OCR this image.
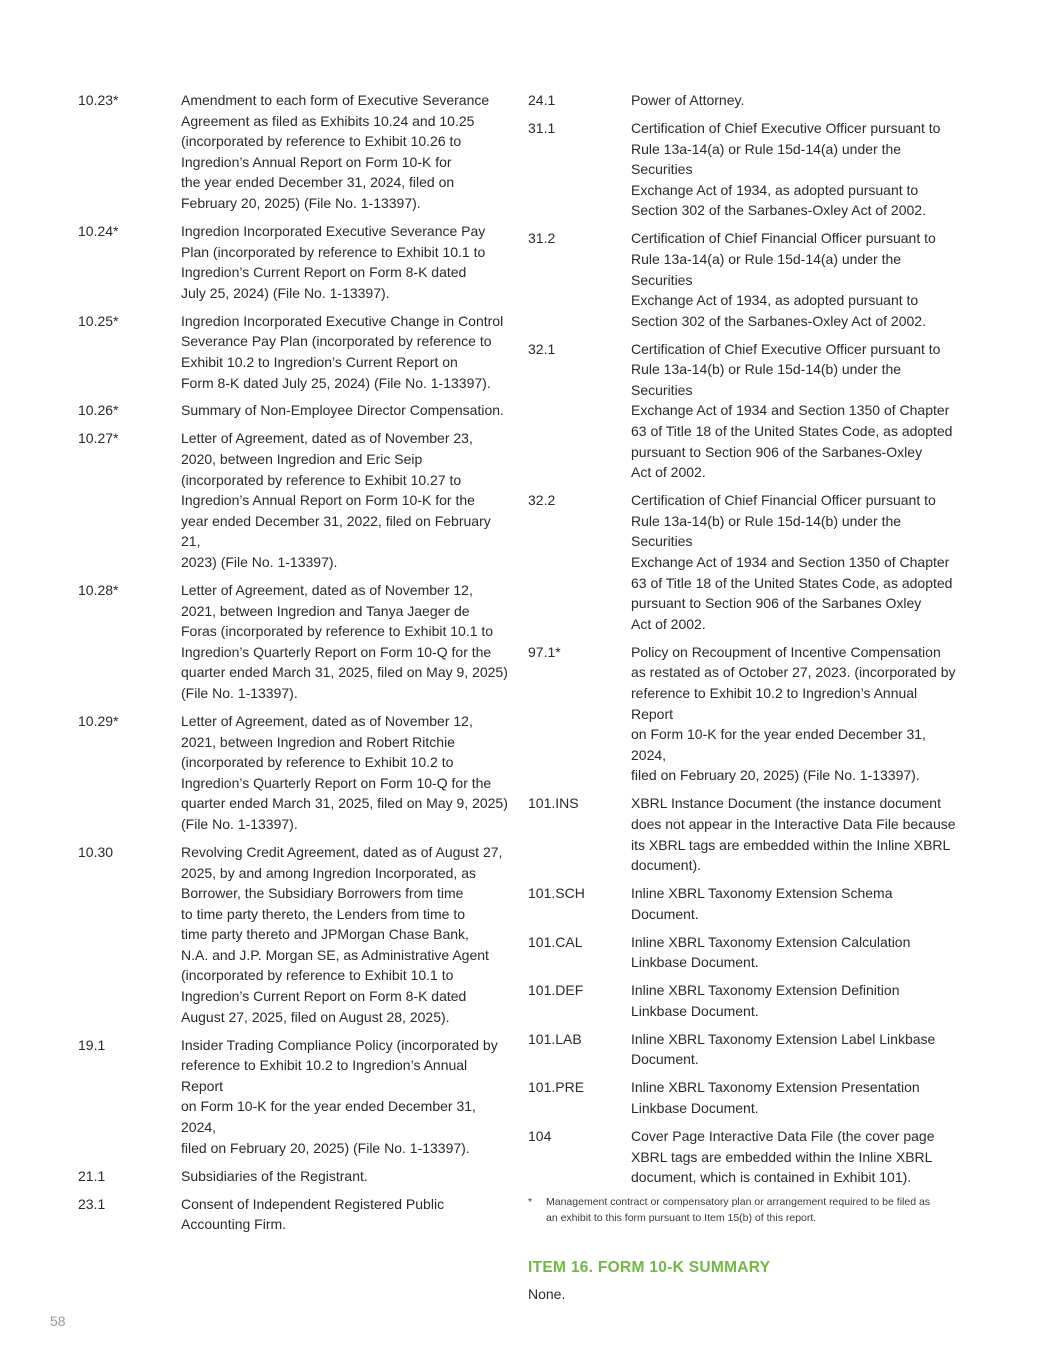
10.23*	Amendment to each form of Executive Severance
Agreement as filed as Exhibits 10.24 and 10.25
(incorporated by reference to Exhibit 10.26 to
Ingredion’s Annual Report on Form 10-K for
the year ended December 31, 2024, filed on
February 20, 2025) (File No. 1-13397).
10.24*	Ingredion Incorporated Executive Severance Pay
Plan (incorporated by reference to Exhibit 10.1 to
Ingredion’s Current Report on Form 8-K dated
July 25, 2024) (File No. 1-13397).
10.25*	Ingredion Incorporated Executive Change in Control
Severance Pay Plan (incorporated by reference to
Exhibit 10.2 to Ingredion’s Current Report on
Form 8-K dated July 25, 2024) (File No. 1-13397).
10.26*	Summary of Non-Employee Director Compensation.
10.27*	Letter of Agreement, dated as of November 23,
2020, between Ingredion and Eric Seip
(incorporated by reference to Exhibit 10.27 to
Ingredion’s Annual Report on Form 10-K for the
year ended December 31, 2022, filed on February 21,
2023) (File No. 1-13397).
10.28*	Letter of Agreement, dated as of November 12,
2021, between Ingredion and Tanya Jaeger de
Foras (incorporated by reference to Exhibit 10.1 to
Ingredion’s Quarterly Report on Form 10-Q for the
quarter ended March 31, 2025, filed on May 9, 2025)
(File No. 1-13397).
10.29*	Letter of Agreement, dated as of November 12,
2021, between Ingredion and Robert Ritchie
(incorporated by reference to Exhibit 10.2 to
Ingredion’s Quarterly Report on Form 10-Q for the
quarter ended March 31, 2025, filed on May 9, 2025)
(File No. 1-13397).
10.30	Revolving Credit Agreement, dated as of August 27,
2025, by and among Ingredion Incorporated, as
Borrower, the Subsidiary Borrowers from time
to time party thereto, the Lenders from time to
time party thereto and JPMorgan Chase Bank,
N.A. and J.P. Morgan SE, as Administrative Agent
(incorporated by reference to Exhibit 10.1 to
Ingredion’s Current Report on Form 8-K dated
August 27, 2025, filed on August 28, 2025).
19.1	Insider Trading Compliance Policy (incorporated by
reference to Exhibit 10.2 to Ingredion’s Annual Report
on Form 10-K for the year ended December 31, 2024,
filed on February 20, 2025) (File No. 1-13397).
21.1	Subsidiaries of the Registrant.
23.1	Consent of Independent Registered Public
Accounting Firm.
24.1	Power of Attorney.
31.1	Certification of Chief Executive Officer pursuant to
Rule 13a-14(a) or Rule 15d-14(a) under the Securities
Exchange Act of 1934, as adopted pursuant to
Section 302 of the Sarbanes-Oxley Act of 2002.
31.2	Certification of Chief Financial Officer pursuant to
Rule 13a-14(a) or Rule 15d-14(a) under the Securities
Exchange Act of 1934, as adopted pursuant to
Section 302 of the Sarbanes-Oxley Act of 2002.
32.1	Certification of Chief Executive Officer pursuant to
Rule 13a-14(b) or Rule 15d-14(b) under the Securities
Exchange Act of 1934 and Section 1350 of Chapter
63 of Title 18 of the United States Code, as adopted
pursuant to Section 906 of the Sarbanes-Oxley
Act of 2002.
32.2	Certification of Chief Financial Officer pursuant to
Rule 13a-14(b) or Rule 15d-14(b) under the Securities
Exchange Act of 1934 and Section 1350 of Chapter
63 of Title 18 of the United States Code, as adopted
pursuant to Section 906 of the Sarbanes Oxley
Act of 2002.
97.1*	Policy on Recoupment of Incentive Compensation
as restated as of October 27, 2023. (incorporated by
reference to Exhibit 10.2 to Ingredion’s Annual Report
on Form 10-K for the year ended December 31, 2024,
filed on February 20, 2025) (File No. 1-13397).
101.INS	XBRL Instance Document (the instance document
does not appear in the Interactive Data File because
its XBRL tags are embedded within the Inline XBRL
document).
101.SCH	Inline XBRL Taxonomy Extension Schema Document.
101.CAL	Inline XBRL Taxonomy Extension Calculation
Linkbase Document.
101.DEF	Inline XBRL Taxonomy Extension Definition
Linkbase Document.
101.LAB	Inline XBRL Taxonomy Extension Label Linkbase
Document.
101.PRE	Inline XBRL Taxonomy Extension Presentation
Linkbase Document.
104	Cover Page Interactive Data File (the cover page
XBRL tags are embedded within the Inline XBRL
document, which is contained in Exhibit 101).
*	Management contract or compensatory plan or arrangement required to be filed as
an exhibit to this form pursuant to Item 15(b) of this report.
ITEM 16. FORM 10-K SUMMARY
None.
58
